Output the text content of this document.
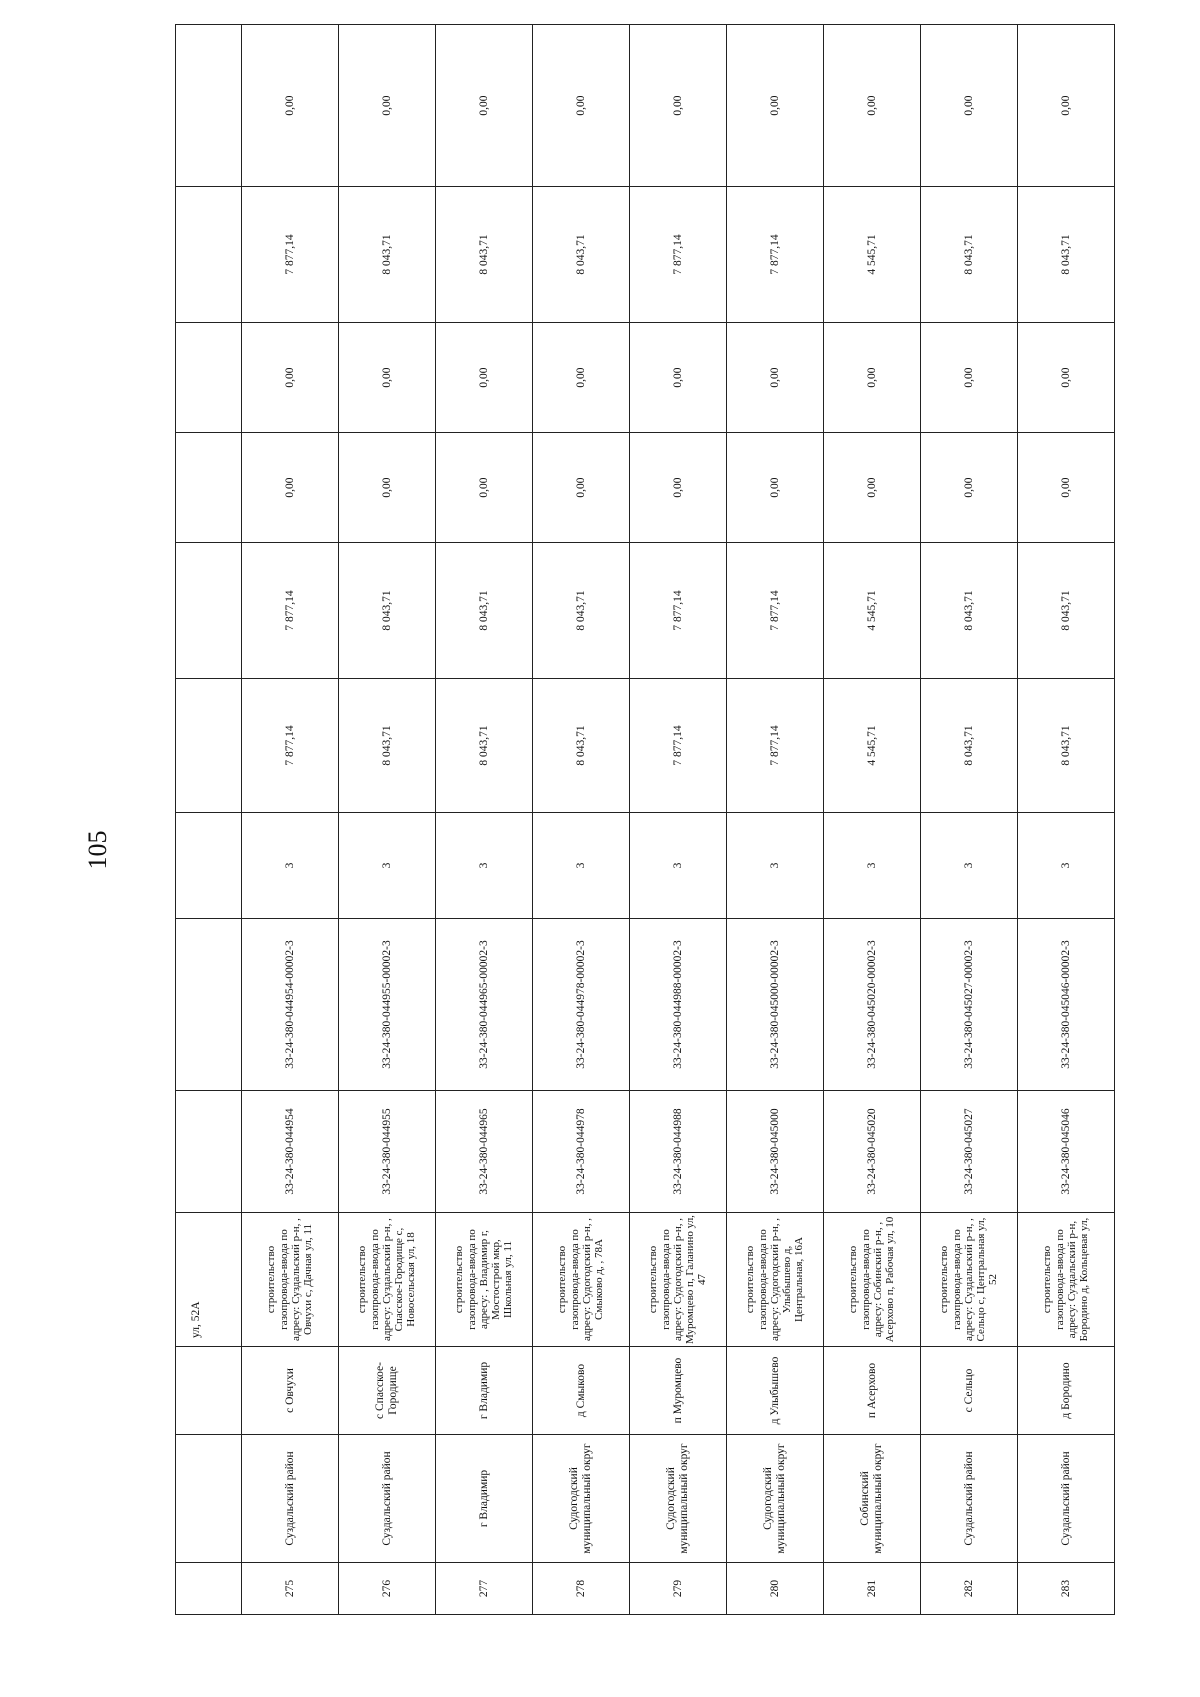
105
			ул, 52А									
275	Суздальский район	с Овчухи	строительство газопровода-ввода по адресу: Суздальский р-н, , Овчухи с, Дачная ул, 11	33-24-380-044954	33-24-380-044954-00002-3	3	7 877,14	7 877,14	0,00	0,00	7 877,14	0,00
276	Суздальский район	с Спасское-Городище	строительство газопровода-ввода по адресу: Суздальский р-н, , Спасское-Городище с, Новосельская ул, 18	33-24-380-044955	33-24-380-044955-00002-3	3	8 043,71	8 043,71	0,00	0,00	8 043,71	0,00
277	г Владимир	г Владимир	строительство газопровода-ввода по адресу: , Владимир г, Мостострой мкр, Школьная ул, 11	33-24-380-044965	33-24-380-044965-00002-3	3	8 043,71	8 043,71	0,00	0,00	8 043,71	0,00
278	Судогодский муниципальный округ	д Смыково	строительство газопровода-ввода по адресу: Судогодский р-н, , Смыково д, , 78А	33-24-380-044978	33-24-380-044978-00002-3	3	8 043,71	8 043,71	0,00	0,00	8 043,71	0,00
279	Судогодский муниципальный округ	п Муромцево	строительство газопровода-ввода по адресу: Судогодский р-н, , Муромцево п, Галанино ул, 47	33-24-380-044988	33-24-380-044988-00002-3	3	7 877,14	7 877,14	0,00	0,00	7 877,14	0,00
280	Судогодский муниципальный округ	д Улыбышево	строительство газопровода-ввода по адресу: Судогодский р-н, , Улыбышево д, Центральная, 16А	33-24-380-045000	33-24-380-045000-00002-3	3	7 877,14	7 877,14	0,00	0,00	7 877,14	0,00
281	Собинский муниципальный округ	п Асерхово	строительство газопровода-ввода по адресу: Собинский р-н, , Асерхово п, Рабочая ул, 10	33-24-380-045020	33-24-380-045020-00002-3	3	4 545,71	4 545,71	0,00	0,00	4 545,71	0,00
282	Суздальский район	с Сельцо	строительство газопровода-ввода по адресу: Суздальский р-н, , Сельцо с, Центральная ул, 52	33-24-380-045027	33-24-380-045027-00002-3	3	8 043,71	8 043,71	0,00	0,00	8 043,71	0,00
283	Суздальский район	д Бородино	строительство газопровода-ввода по адресу: Суздальский р-н, Бородино д, Кольцевая ул,	33-24-380-045046	33-24-380-045046-00002-3	3	8 043,71	8 043,71	0,00	0,00	8 043,71	0,00
